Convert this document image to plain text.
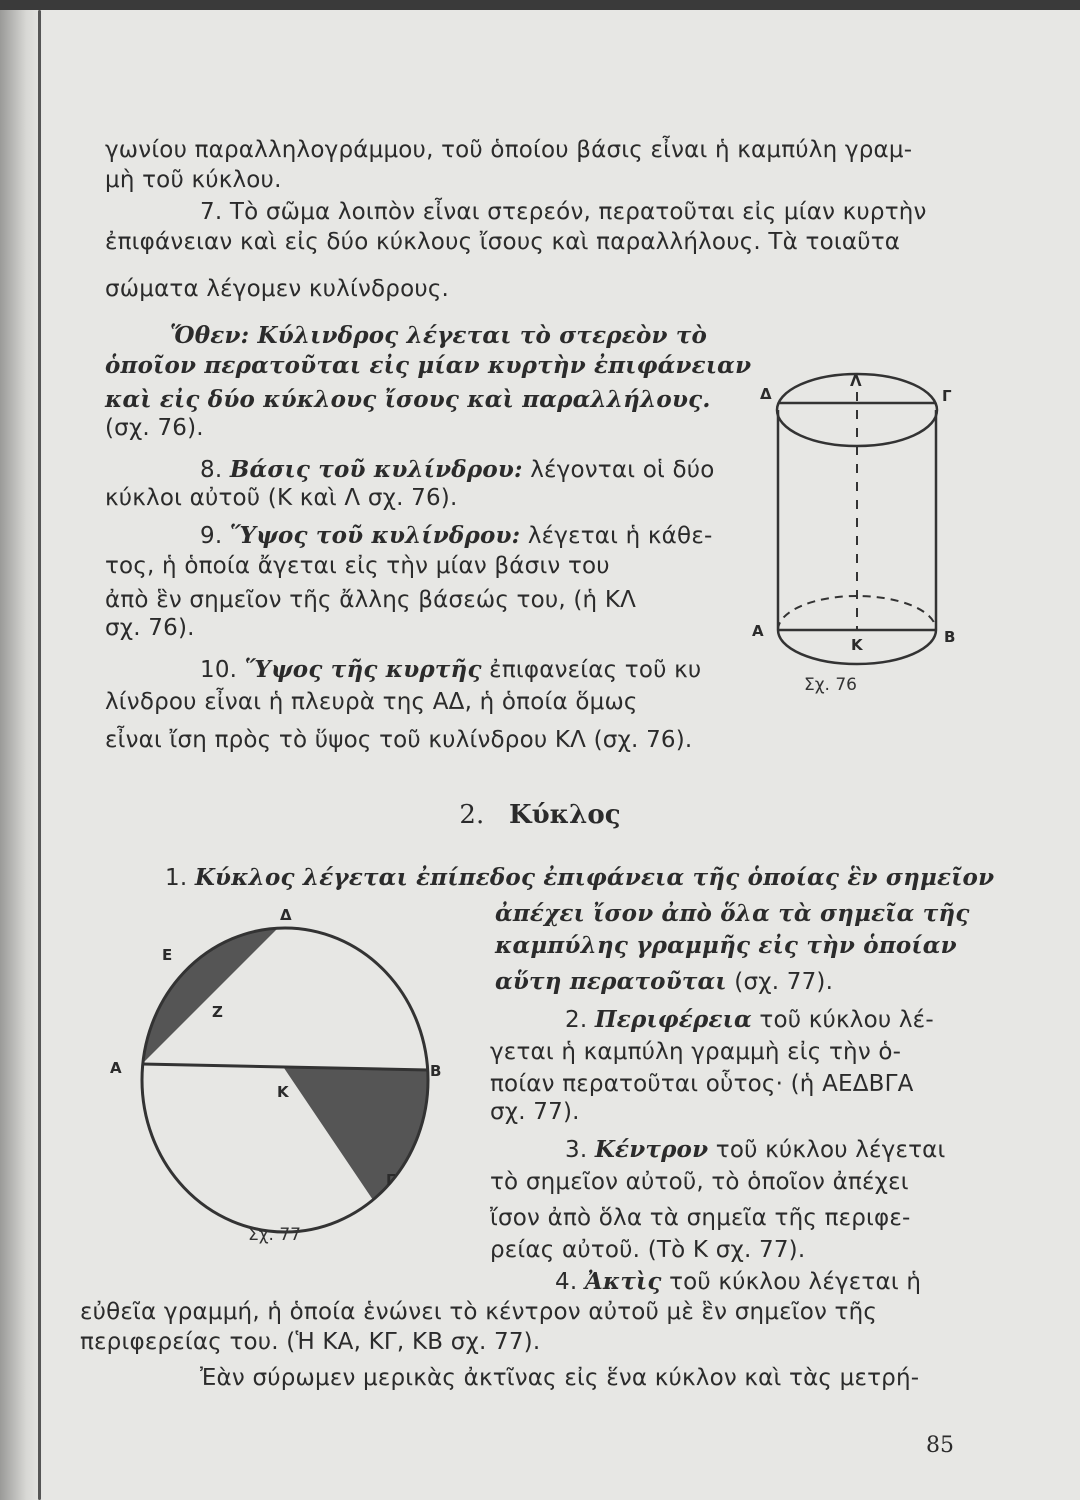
γωνίου παραλληλογράμμου, τοῦ ὁποίου βάσις εἶναι ἡ καμπύλη γραμ-
μὴ τοῦ κύκλου.
7. Τὸ σῶμα λοιπὸν εἶναι στερεόν, περατοῦται εἰς μίαν κυρτὴν
ἐπιφάνειαν καὶ εἰς δύο κύκλους ἴσους καὶ παραλλήλους. Τὰ τοιαῦτα
σώματα λέγομεν κυλίνδρους.
Ὅθεν: Κύλινδρος λέγεται τὸ στερεὸν τὸ
ὁποῖον περατοῦται εἰς μίαν κυρτὴν ἐπιφάνειαν
καὶ εἰς δύο κύκλους ἴσους καὶ παραλλήλους.
(σχ. 76).
8. Βάσις τοῦ κυλίνδρου: λέγονται οἱ δύο
κύκλοι αὐτοῦ (Κ καὶ Λ σχ. 76).
9. Ὕψος τοῦ κυλίνδρου: λέγεται ἡ κάθε-
τος, ἡ ὁποία ἄγεται εἰς τὴν μίαν βάσιν του
ἀπὸ ἓν σημεῖον τῆς ἄλλης βάσεώς του, (ἡ ΚΛ
σχ. 76).
10. Ὕψος τῆς κυρτῆς ἐπιφανείας τοῦ κυ
λίνδρου εἶναι ἡ πλευρὰ της ΑΔ, ἡ ὁποία ὅμως
εἶναι ἴση πρὸς τὸ ὕψος τοῦ κυλίνδρου ΚΛ (σχ. 76).
1. Κύκλος λέγεται ἐπίπεδος ἐπιφάνεια τῆς ὁποίας ἓν σημεῖον
ἀπέχει ἴσον ἀπὸ ὅλα τὰ σημεῖα τῆς
καμπύλης γραμμῆς εἰς τὴν ὁποίαν
αὕτη περατοῦται (σχ. 77).
2. Περιφέρεια τοῦ κύκλου λέ-
γεται ἡ καμπύλη γραμμὴ εἰς τὴν ὁ-
ποίαν περατοῦται οὗτος· (ἡ ΑΕΔΒΓΑ
σχ. 77).
3. Κέντρον τοῦ κύκλου λέγεται
τὸ σημεῖον αὐτοῦ, τὸ ὁποῖον ἀπέχει
ἴσον ἀπὸ ὅλα τὰ σημεῖα τῆς περιφε-
ρείας αὐτοῦ. (Τὸ Κ σχ. 77).
4. Ἀκτὶς τοῦ κύκλου λέγεται ἡ
εὐθεῖα γραμμή, ἡ ὁποία ἑνώνει τὸ κέντρον αὐτοῦ μὲ ἓν σημεῖον τῆς
περιφερείας του. (Ἡ ΚΑ, ΚΓ, ΚΒ σχ. 77).
Ἐὰν σύρωμεν μερικὰς ἀκτῖνας εἰς ἕνα κύκλον καὶ τὰς μετρή-
2. Κύκλος
Δ
Λ
Γ
Α
Κ	Β
Σχ. 76
Δ
Ε
Ζ
Α
Κ
Β
Γ
Σχ. 77
85
